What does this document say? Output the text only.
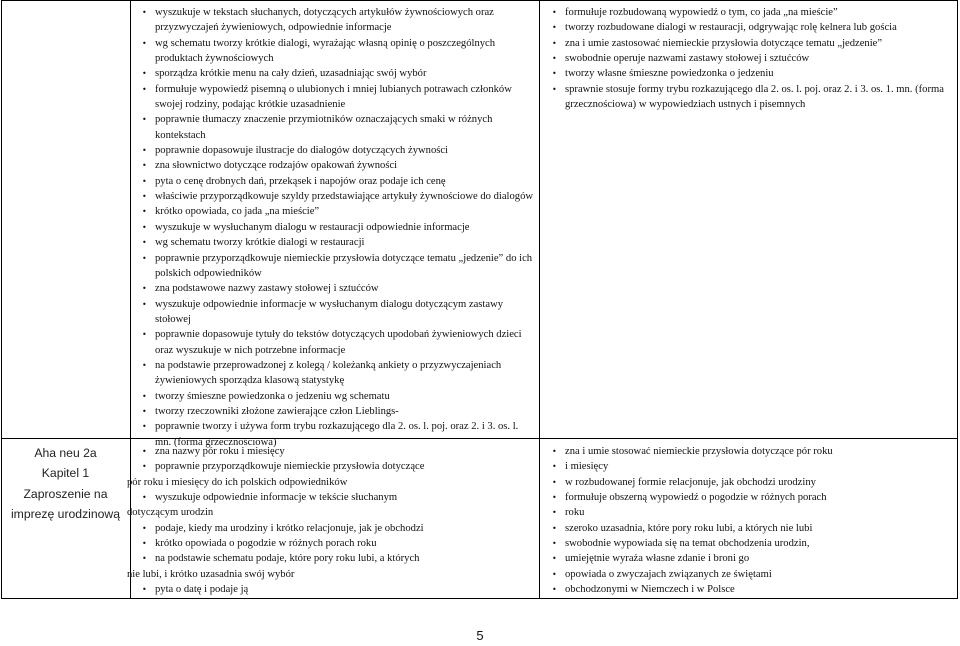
• wyszukuje w tekstach słuchanych, dotyczących artykułów żywnościowych oraz przyzwyczajeń żywieniowych, odpowiednie informacje
• wg schematu tworzy krótkie dialogi, wyrażając własną opinię o poszczególnych produktach żywnościowych
• sporządza krótkie menu na cały dzień, uzasadniając swój wybór
• formułuje wypowiedź pisemną o ulubionych i mniej lubianych potrawach członków swojej rodziny, podając krótkie uzasadnienie
• poprawnie tłumaczy znaczenie przymiotników oznaczających smaki w różnych kontekstach
• poprawnie dopasowuje ilustracje do dialogów dotyczących żywności
• zna słownictwo dotyczące rodzajów opakowań żywności
• pyta o cenę drobnych dań, przekąsek i napojów oraz podaje ich cenę
• właściwie przyporządkowuje szyldy przedstawiające artykuły żywnościowe do dialogów
• krótko opowiada, co jada „na mieście”
• wyszukuje w wysłuchanym dialogu w restauracji odpowiednie informacje
• wg schematu tworzy krótkie dialogi w restauracji
• poprawnie przyporządkowuje niemieckie przysłowia dotyczące tematu „jedzenie” do ich polskich odpowiedników
• zna podstawowe nazwy zastawy stołowej i sztućców
• wyszukuje odpowiednie informacje w wysłuchanym dialogu dotyczącym zastawy stołowej
• poprawnie dopasowuje tytuły do tekstów dotyczących upodobań żywieniowych dzieci oraz wyszukuje w nich potrzebne informacje
• na podstawie przeprowadzonej z kolegą / koleżanką ankiety o przyzwyczajeniach żywieniowych sporządza klasową statystykę
• tworzy śmieszne powiedzonka o jedzeniu wg schematu
• tworzy rzeczowniki złożone zawierające człon Lieblings-
• poprawnie tworzy i używa form trybu rozkazującego dla 2. os. l. poj. oraz 2. i 3. os. l. mn. (forma grzecznościowa)
• formułuje rozbudowaną wypowiedź o tym, co jada „na mieście”
• tworzy rozbudowane dialogi w restauracji, odgrywając rolę kelnera lub gościa
• zna i umie zastosować niemieckie przysłowia dotyczące tematu „jedzenie”
• swobodnie operuje nazwami zastawy stołowej i sztućców
• tworzy własne śmieszne powiedzonka o jedzeniu
• sprawnie stosuje formy trybu rozkazującego dla 2. os. l. poj. oraz 2. i 3. os. 1. mn. (forma grzecznościowa) w wypowiedziach ustnych i pisemnych
Aha neu 2a
Kapitel 1
Zaproszenie na
imprezę urodzinową
• zna nazwy pór roku i miesięcy
• poprawnie przyporządkowuje niemieckie przysłowia dotyczące
pór roku i miesięcy do ich polskich odpowiedników
• wyszukuje odpowiednie informacje w tekście słuchanym
dotyczącym urodzin
• podaje, kiedy ma urodziny i krótko relacjonuje, jak je obchodzi
• krótko opowiada o pogodzie w różnych porach roku
• na podstawie schematu podaje, które pory roku lubi, a których
nie lubi, i krótko uzasadnia swój wybór
• pyta o datę i podaje ją
• zna i umie stosować niemieckie przysłowia dotyczące pór roku
• i miesięcy
• w rozbudowanej formie relacjonuje, jak obchodzi urodziny
• formułuje obszerną wypowiedź o pogodzie w różnych porach
• roku
• szeroko uzasadnia, które pory roku lubi, a których nie lubi
• swobodnie wypowiada się na temat obchodzenia urodzin,
• umiejętnie wyraża własne zdanie i broni go
• opowiada o zwyczajach związanych ze świętami
• obchodzonymi w Niemczech i w Polsce
5
